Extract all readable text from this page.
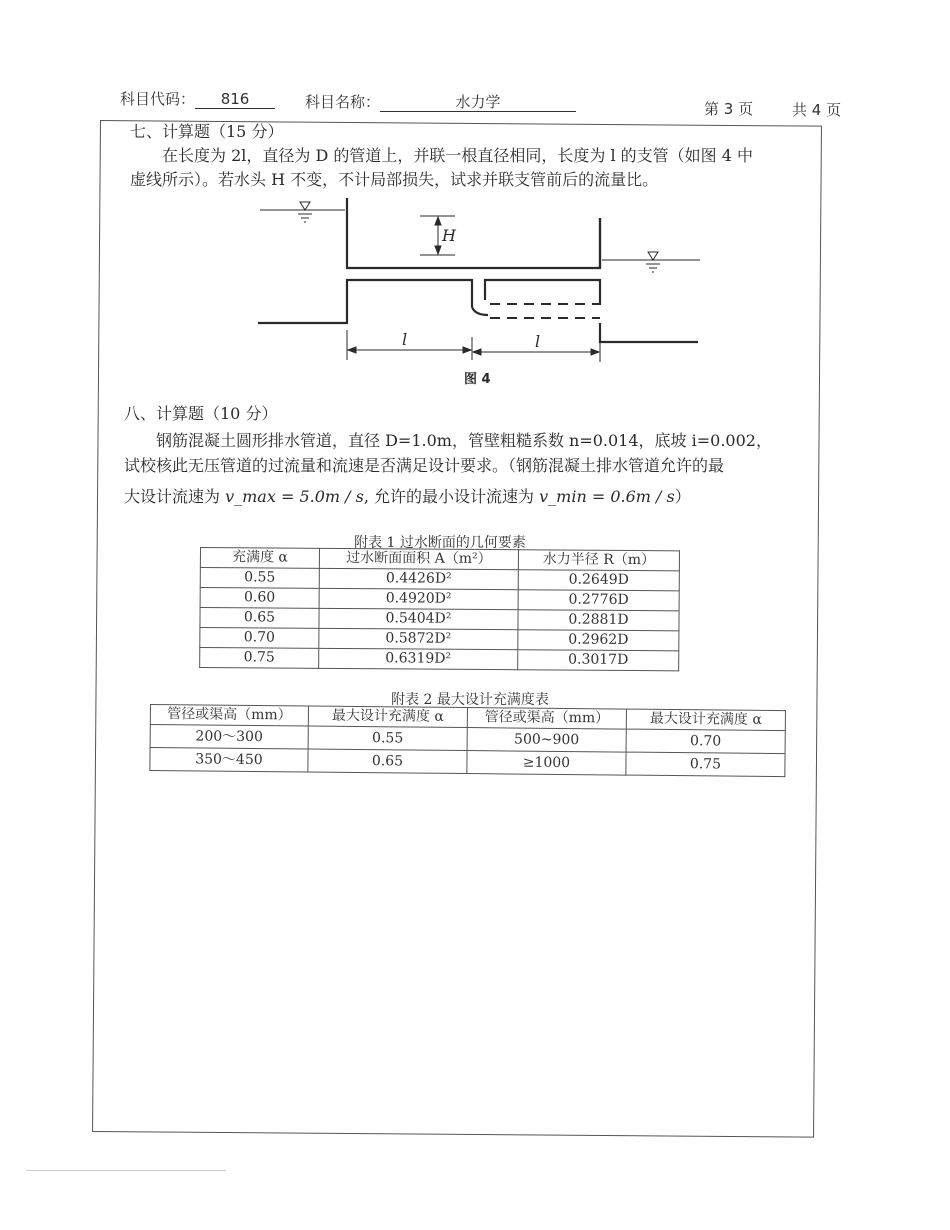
科目代码： 816	科目名称：	水力学	第 3 页	共 4 页
七、计算题（15 分）
在长度为 2l，直径为 D 的管道上，并联一根直径相同，长度为 l 的支管（如图 4 中
虚线所示）。若水头 H 不变，不计局部损失，试求并联支管前后的流量比。
H
l	l
图 4
八、计算题（10 分）
钢筋混凝土圆形排水管道，直径 D=1.0m，管壁粗糙系数 n=0.014，底坡 i=0.002，
试校核此无压管道的过流量和流速是否满足设计要求。（钢筋混凝土排水管道允许的最
大设计流速为 v_max = 5.0m / s, 允许的最小设计流速为 v_min = 0.6m / s）
附表 1 过水断面的几何要素
充满度 α	过水断面面积 A（m²）	水力半径 R（m）
0.55	0.4426D²	0.2649D
0.60	0.4920D²	0.2776D
0.65	0.5404D²	0.2881D
0.70	0.5872D²	0.2962D
0.75	0.6319D²	0.3017D
附表 2 最大设计充满度表
管径或渠高（mm）	最大设计充满度 α	管径或渠高（mm）	最大设计充满度 α
200～300	0.55	500~900	0.70
350～450	0.65	≥1000	0.75
